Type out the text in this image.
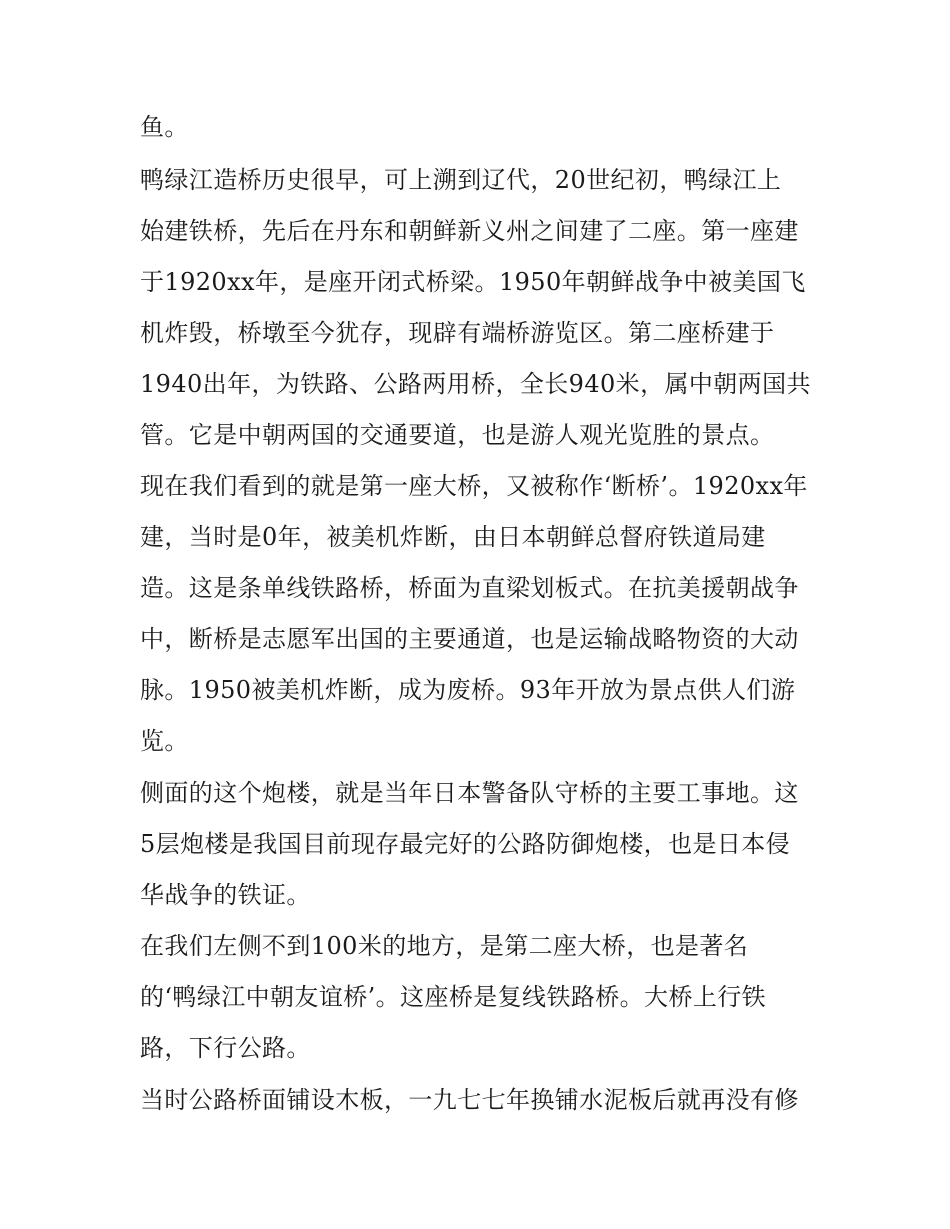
鱼。
鸭绿江造桥历史很早，可上溯到辽代，20世纪初，鸭绿江上
始建铁桥，先后在丹东和朝鲜新义州之间建了二座。第一座建
于1920xx年，是座开闭式桥梁。1950年朝鲜战争中被美国飞
机炸毁，桥墩至今犹存，现辟有端桥游览区。第二座桥建于
1940出年，为铁路、公路两用桥，全长940米，属中朝两国共
管。它是中朝两国的交通要道，也是游人观光览胜的景点。
现在我们看到的就是第一座大桥，又被称作‘断桥’。1920xx年
建，当时是0年，被美机炸断，由日本朝鲜总督府铁道局建
造。这是条单线铁路桥，桥面为直梁划板式。在抗美援朝战争
中，断桥是志愿军出国的主要通道，也是运输战略物资的大动
脉。1950被美机炸断，成为废桥。93年开放为景点供人们游
览。
侧面的这个炮楼，就是当年日本警备队守桥的主要工事地。这
5层炮楼是我国目前现存最完好的公路防御炮楼，也是日本侵
华战争的铁证。
在我们左侧不到100米的地方，是第二座大桥，也是著名
的‘鸭绿江中朝友谊桥’。这座桥是复线铁路桥。大桥上行铁
路，下行公路。
当时公路桥面铺设木板，一九七七年换铺水泥板后就再没有修
